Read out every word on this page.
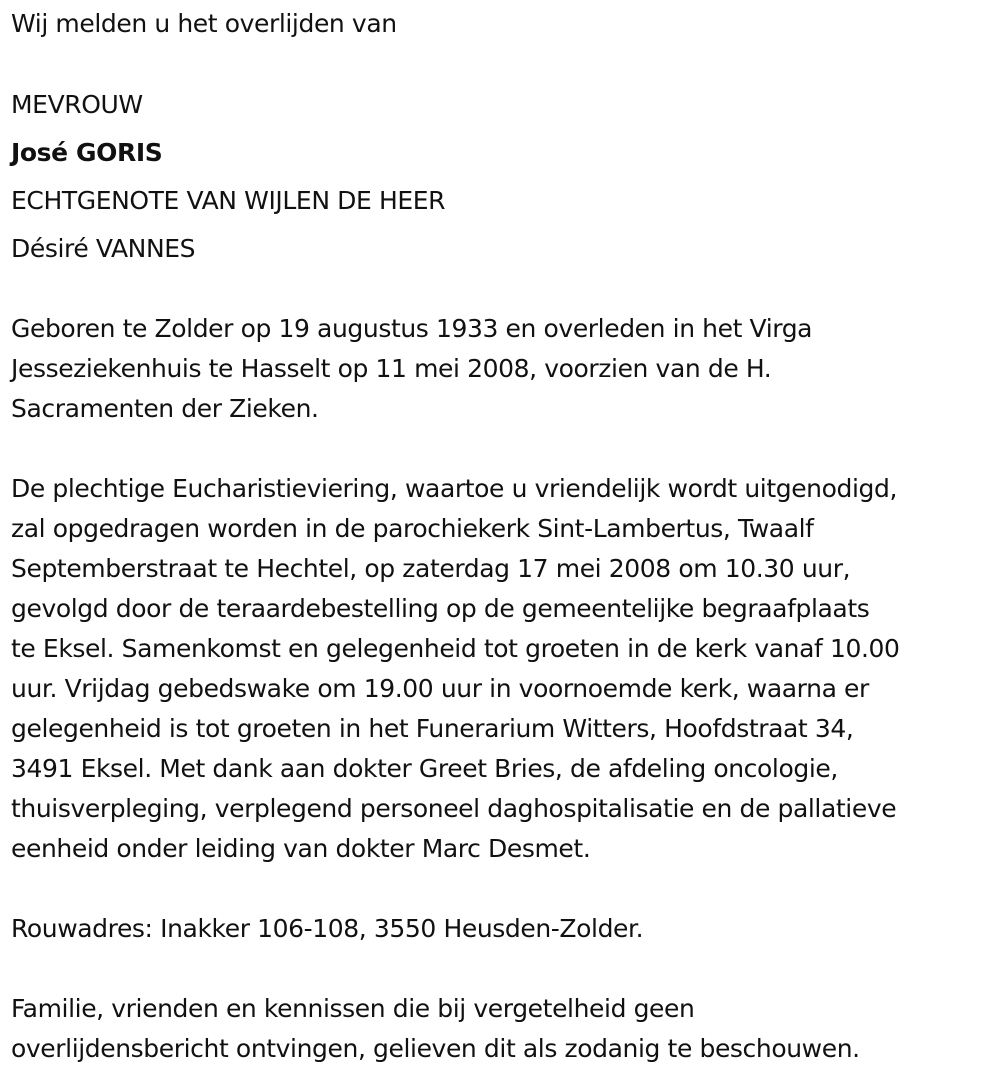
Wij melden u het overlijden van
MEVROUW
José GORIS
ECHTGENOTE VAN WIJLEN DE HEER
Désiré VANNES
Geboren te Zolder op 19 augustus 1933 en overleden in het Virga
Jesseziekenhuis te Hasselt op 11 mei 2008, voorzien van de H.
Sacramenten der Zieken.
De plechtige Eucharistieviering, waartoe u vriendelijk wordt uitgenodigd,
zal opgedragen worden in de parochiekerk Sint-Lambertus, Twaalf
Septemberstraat te Hechtel, op zaterdag 17 mei 2008 om 10.30 uur,
gevolgd door de teraardebestelling op de gemeentelijke begraafplaats
te Eksel. Samenkomst en gelegenheid tot groeten in de kerk vanaf 10.00
uur. Vrijdag gebedswake om 19.00 uur in voornoemde kerk, waarna er
gelegenheid is tot groeten in het Funerarium Witters, Hoofdstraat 34,
3491 Eksel. Met dank aan dokter Greet Bries, de afdeling oncologie,
thuisverpleging, verplegend personeel daghospitalisatie en de pallatieve
eenheid onder leiding van dokter Marc Desmet.
Rouwadres: Inakker 106-108, 3550 Heusden-Zolder.
Familie, vrienden en kennissen die bij vergetelheid geen
overlijdensbericht ontvingen, gelieven dit als zodanig te beschouwen.
